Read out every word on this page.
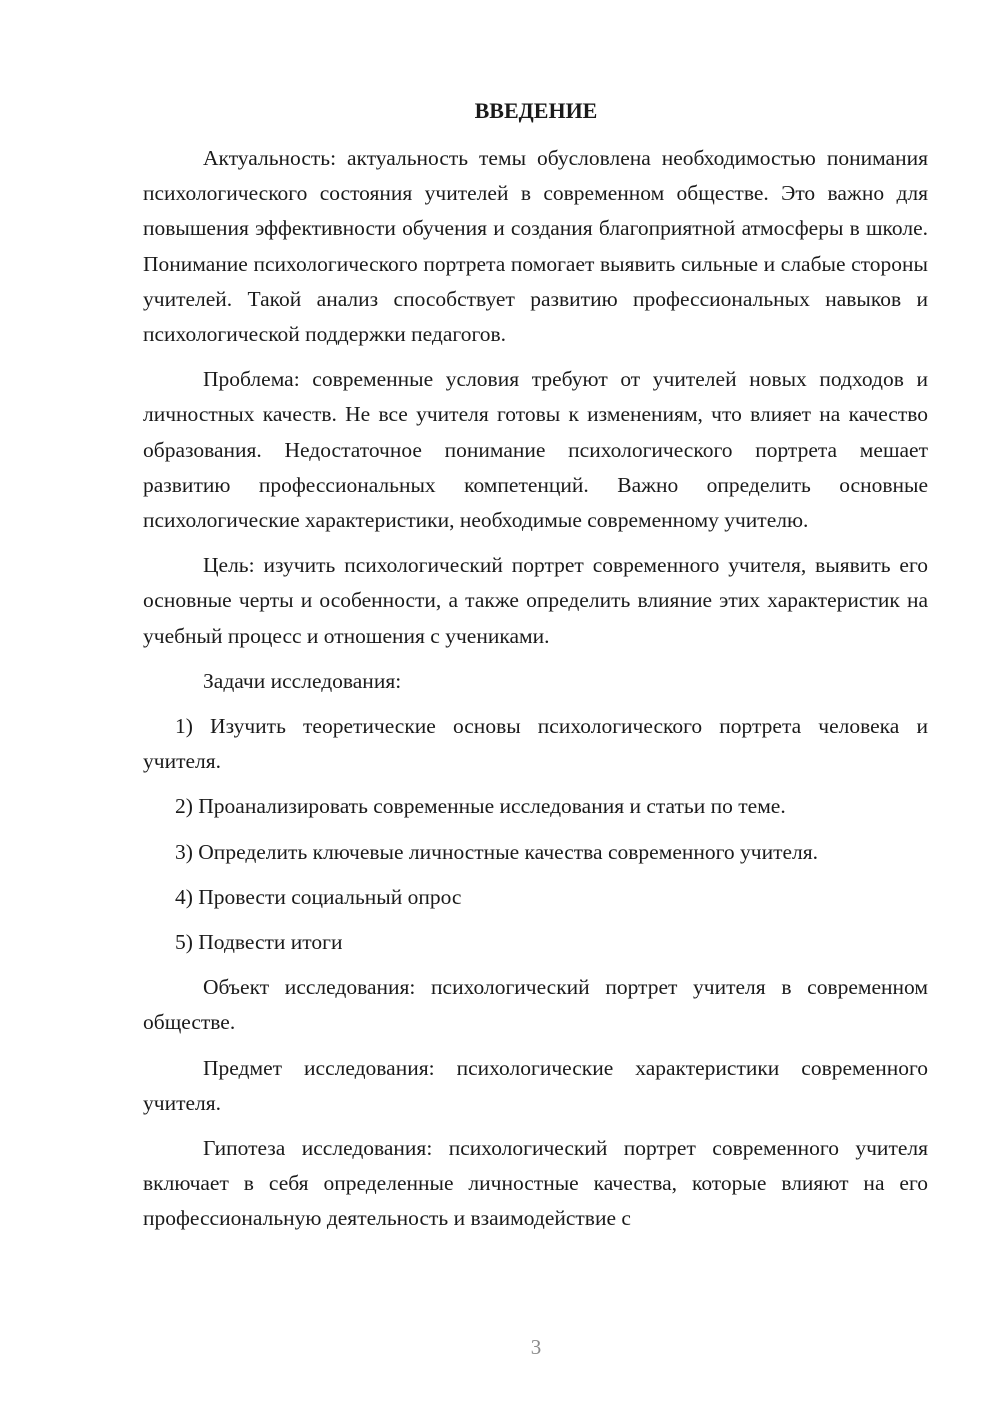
ВВЕДЕНИЕ

Актуальность: актуальность темы обусловлена необходимостью понимания психологического состояния учителей в современном обществе. Это важно для повышения эффективности обучения и создания благоприятной атмосферы в школе. Понимание психологического портрета помогает выявить сильные и слабые стороны учителей. Такой анализ способствует развитию профессиональных навыков и психологической поддержки педагогов.

Проблема: современные условия требуют от учителей новых подходов и личностных качеств. Не все учителя готовы к изменениям, что влияет на качество образования. Недостаточное понимание психологического портрета мешает развитию профессиональных компетенций. Важно определить основные психологические характеристики, необходимые современному учителю.

Цель: изучить психологический портрет современного учителя, выявить его основные черты и особенности, а также определить влияние этих характеристик на учебный процесс и отношения с учениками.

Задачи исследования:

1) Изучить теоретические основы психологического портрета человека и учителя.

2) Проанализировать современные исследования и статьи по теме.

3) Определить ключевые личностные качества современного учителя.

4) Провести социальный опрос

5) Подвести итоги

Объект исследования: психологический портрет учителя в современном обществе.

Предмет исследования: психологические характеристики современного учителя.

Гипотеза исследования: психологический портрет современного учителя включает в себя определенные личностные качества, которые влияют на его профессиональную деятельность и взаимодействие с

3
